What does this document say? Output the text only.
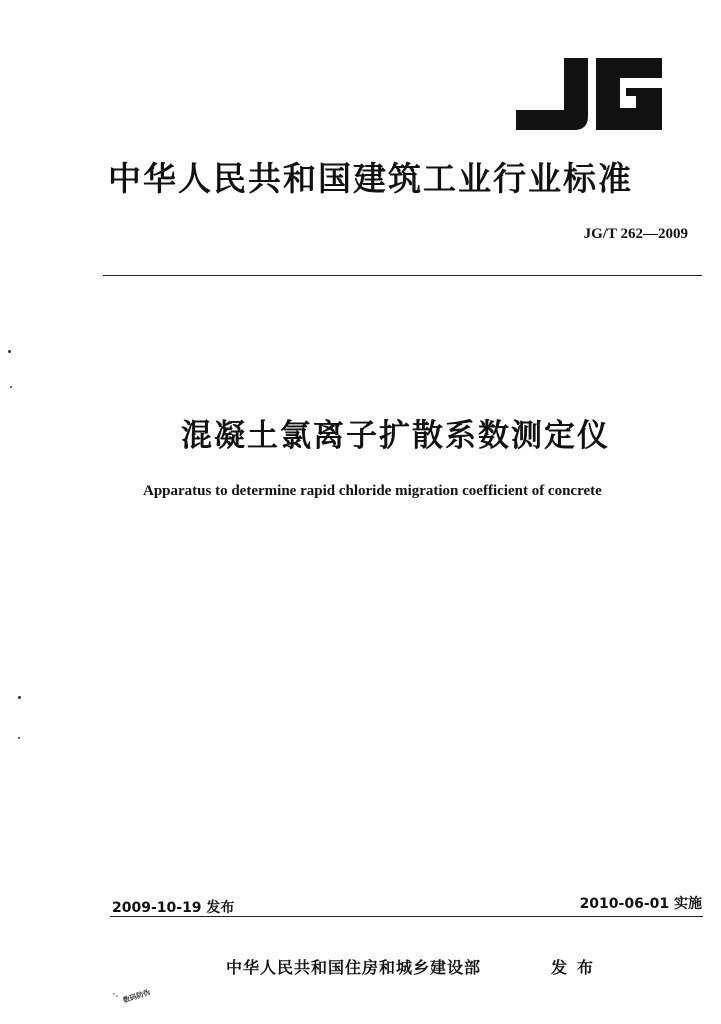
中华人民共和国建筑工业行业标准
JG/T 262—2009
混凝土氯离子扩散系数测定仪
Apparatus to determine rapid chloride migration coefficient of concrete
2009-10-19 发布	2010-06-01 实施
中华人民共和国住房和城乡建设部	发布
数码防伪
